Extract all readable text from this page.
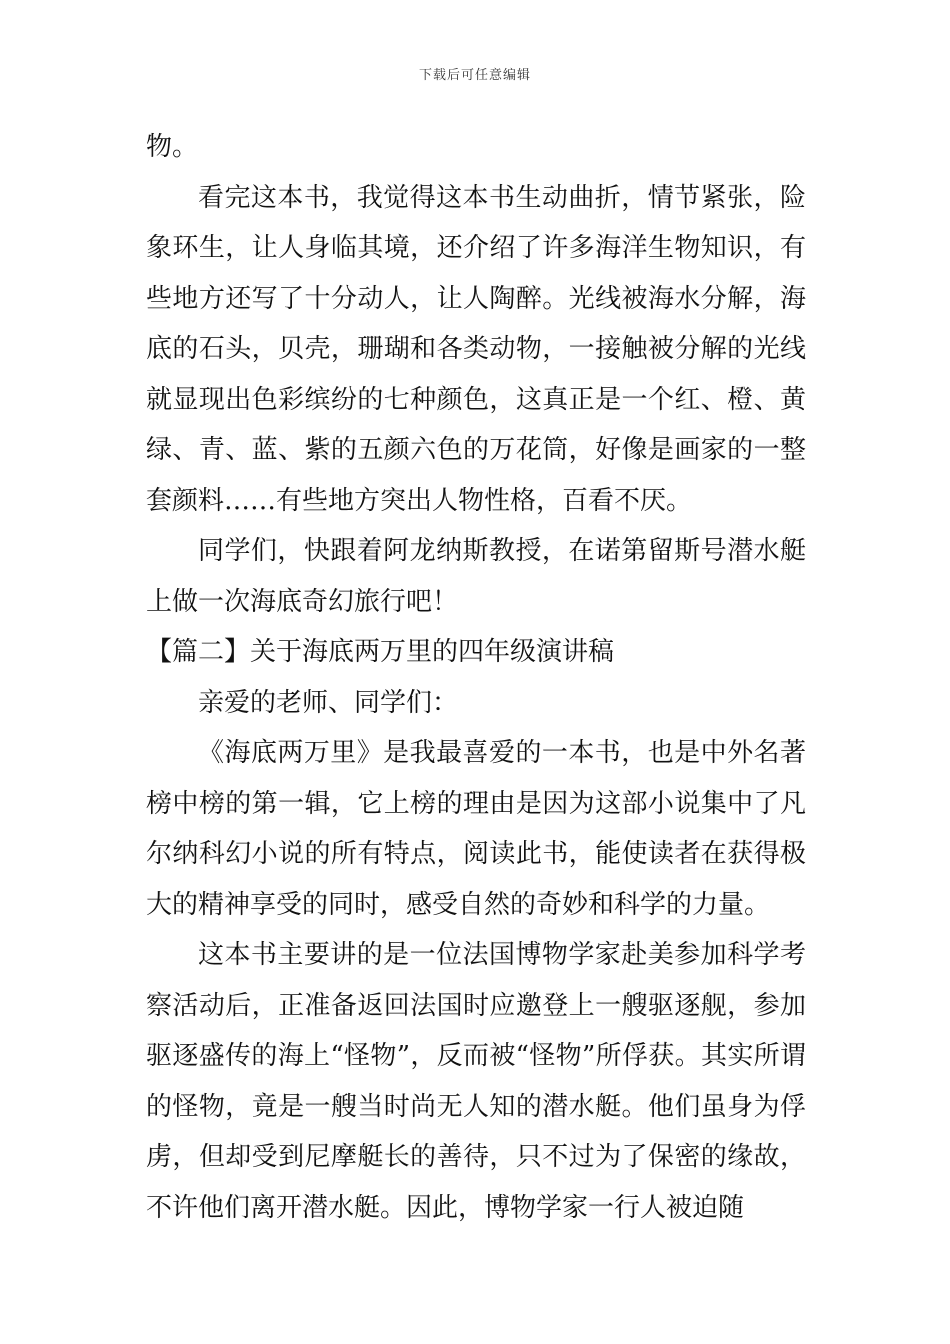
下载后可任意编辑

物。

看完这本书，我觉得这本书生动曲折，情节紧张，险象环生，让人身临其境，还介绍了许多海洋生物知识，有些地方还写了十分动人，让人陶醉。光线被海水分解，海底的石头，贝壳，珊瑚和各类动物，一接触被分解的光线就显现出色彩缤纷的七种颜色，这真正是一个红、橙、黄绿、青、蓝、紫的五颜六色的万花筒，好像是画家的一整套颜料……有些地方突出人物性格，百看不厌。

同学们，快跟着阿龙纳斯教授，在诺第留斯号潜水艇上做一次海底奇幻旅行吧！

【篇二】关于海底两万里的四年级演讲稿

亲爱的老师、同学们：

《海底两万里》是我最喜爱的一本书，也是中外名著榜中榜的第一辑，它上榜的理由是因为这部小说集中了凡尔纳科幻小说的所有特点，阅读此书，能使读者在获得极大的精神享受的同时，感受自然的奇妙和科学的力量。

这本书主要讲的是一位法国博物学家赴美参加科学考察活动后，正准备返回法国时应邀登上一艘驱逐舰，参加驱逐盛传的海上“怪物”，反而被“怪物”所俘获。其实所谓的怪物，竟是一艘当时尚无人知的潜水艇。他们虽身为俘虏，但却受到尼摩艇长的善待，只不过为了保密的缘故，不许他们离开潜水艇。因此，博物学家一行人被迫随
